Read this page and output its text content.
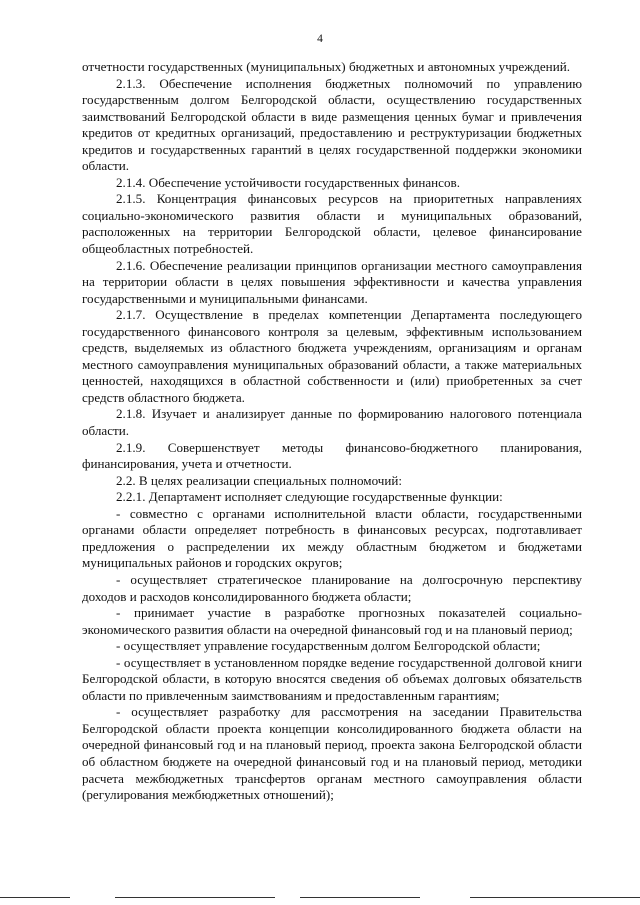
4

отчетности государственных (муниципальных) бюджетных и автономных учреждений.

2.1.3. Обеспечение исполнения бюджетных полномочий по управлению государственным долгом Белгородской области, осуществлению государственных заимствований Белгородской области в виде размещения ценных бумаг и привлечения кредитов от кредитных организаций, предоставлению и реструктуризации бюджетных кредитов и государственных гарантий в целях государственной поддержки экономики области.

2.1.4. Обеспечение устойчивости государственных финансов.

2.1.5. Концентрация финансовых ресурсов на приоритетных направлениях социально-экономического развития области и муниципальных образований, расположенных на территории Белгородской области, целевое финансирование общеобластных потребностей.

2.1.6. Обеспечение реализации принципов организации местного самоуправления на территории области в целях повышения эффективности и качества управления государственными и муниципальными финансами.

2.1.7. Осуществление в пределах компетенции Департамента последующего государственного финансового контроля за целевым, эффективным использованием средств, выделяемых из областного бюджета учреждениям, организациям и органам местного самоуправления муниципальных образований области, а также материальных ценностей, находящихся в областной собственности и (или) приобретенных за счет средств областного бюджета.

2.1.8. Изучает и анализирует данные по формированию налогового потенциала области.

2.1.9. Совершенствует методы финансово-бюджетного планирования, финансирования, учета и отчетности.

2.2. В целях реализации специальных полномочий:

2.2.1. Департамент исполняет следующие государственные функции:

- совместно с органами исполнительной власти области, государственными органами области определяет потребность в финансовых ресурсах, подготавливает предложения о распределении их между областным бюджетом и бюджетами муниципальных районов и городских округов;

- осуществляет стратегическое планирование на долгосрочную перспективу доходов и расходов консолидированного бюджета области;

- принимает участие в разработке прогнозных показателей социально-экономического развития области на очередной финансовый год и на плановый период;

- осуществляет управление государственным долгом Белгородской области;

- осуществляет в установленном порядке ведение государственной долговой книги Белгородской области, в которую вносятся сведения об объемах долговых обязательств области по привлеченным заимствованиям и предоставленным гарантиям;

- осуществляет разработку для рассмотрения на заседании Правительства Белгородской области проекта концепции консолидированного бюджета области на очередной финансовый год и на плановый период, проекта закона Белгородской области об областном бюджете на очередной финансовый год и на плановый период, методики расчета межбюджетных трансфертов органам местного самоуправления области (регулирования межбюджетных отношений);
